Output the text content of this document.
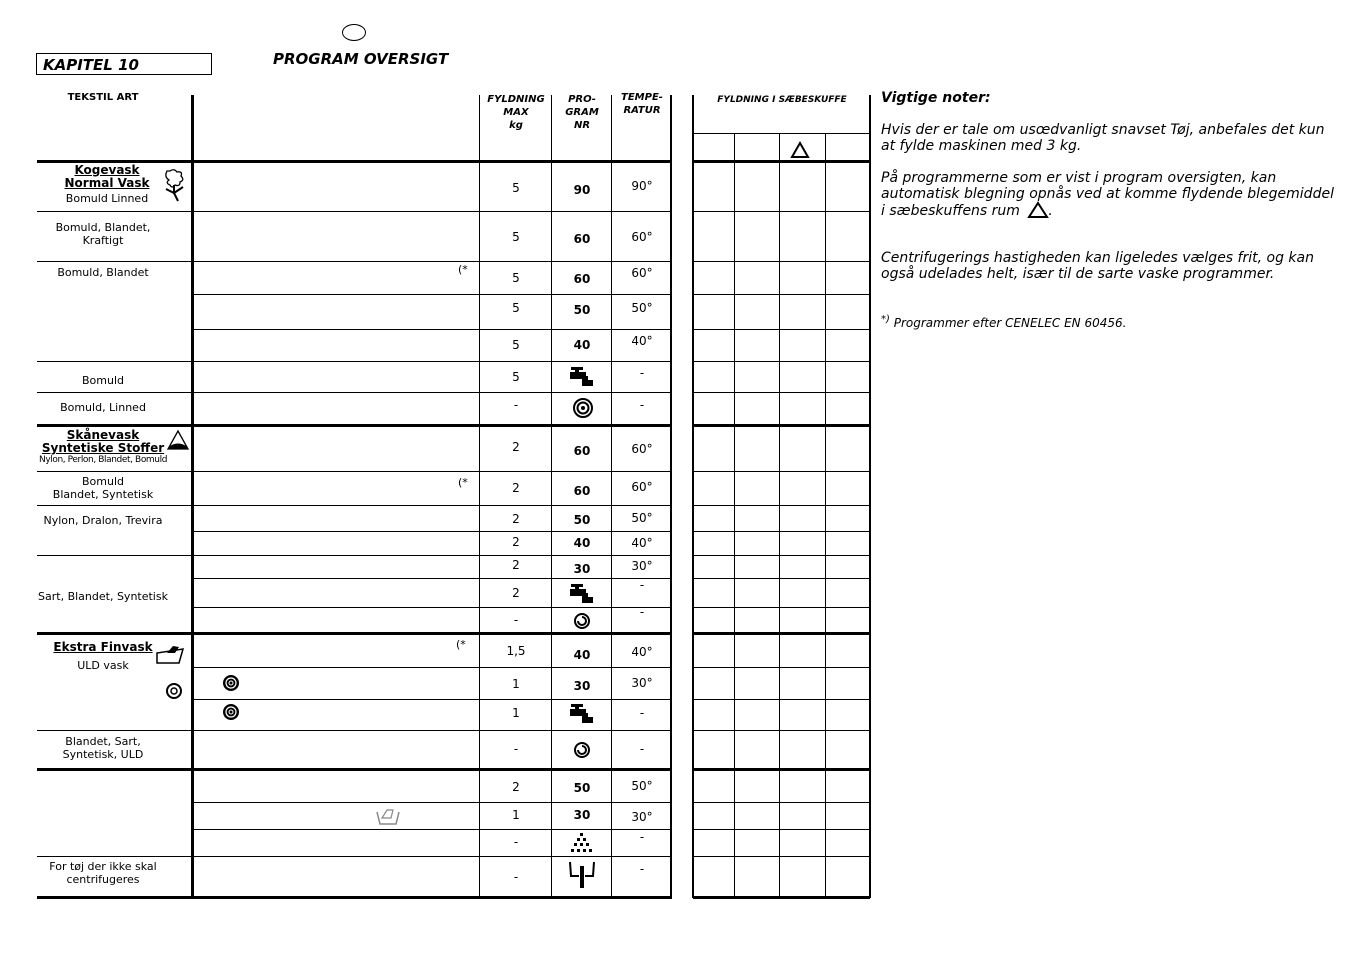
KAPITEL 10	PROGRAM OVERSIGT
TEKSTIL ART	FYLDNING
MAX
kg
PRO-
GRAM
NR
TEMPE-
RATUR
FYLDNING I SÆBESKUFFE
Kogevask
Normal Vask
Bomuld Linned
Bomuld, Blandet,
Kraftigt
Bomuld, Blandet
Bomuld
Bomuld, Linned
Skånevask
Syntetiske Stoffer
Nylon, Perlon, Blandet, Bomuld
Bomuld
Blandet, Syntetisk
Nylon, Dralon, Trevira
Sart, Blandet, Syntetisk
Ekstra Finvask
ULD vask
Blandet, Sart,
Syntetisk, ULD
For tøj der ikke skal
centrifugeres
(*
(*
(*
5
5
5
5
5
5
-
2
2
2
2
2
2
-
1,5
1
1
-
2
1
-
-
90
60
60
50
40
60
60
50
40
30
40
30
50
30
90°
60°
60°
50°
40°
-
-
60°
60°
50°
40°
30°
-
-
40°
30°
-
-
50°
30°
-
-
Vigtige noter:
Hvis der er tale om usœdvanligt snavset Tøj, anbefales det kun at fylde maskinen med 3 kg.
På programmerne som er vist i program oversigten, kan automatisk blegning opnås ved at komme flydende blegemiddel i sæbeskuffens rum .
Centrifugerings hastigheden kan ligeledes vælges frit, og kan også udelades helt, især til de sarte vaske programmer.
*) Programmer efter CENELEC EN 60456.
